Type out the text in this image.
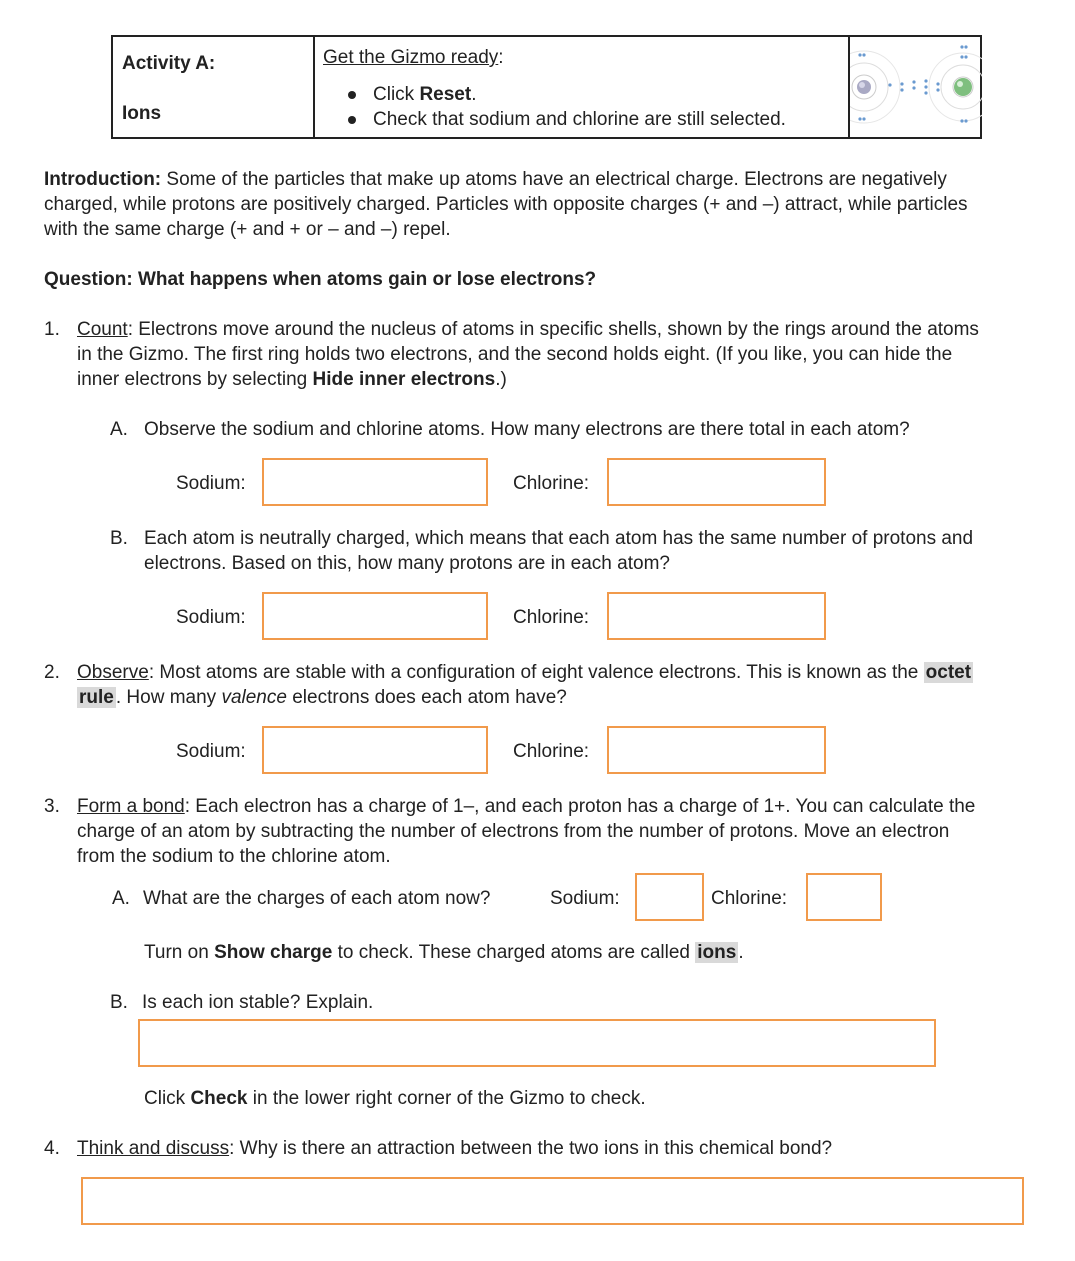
Activity A:
Ions
Get the Gizmo ready:
Click Reset.
Check that sodium and chlorine are still selected.
Introduction: Some of the particles that make up atoms have an electrical charge. Electrons are negatively
charged, while protons are positively charged. Particles with opposite charges (+ and –) attract, while particles
with the same charge (+ and + or – and –) repel.
Question: What happens when atoms gain or lose electrons?
1. Count: Electrons move around the nucleus of atoms in specific shells, shown by the rings around the atoms
in the Gizmo. The first ring holds two electrons, and the second holds eight. (If you like, you can hide the
inner electrons by selecting Hide inner electrons.)
A. Observe the sodium and chlorine atoms. How many electrons are there total in each atom?
Sodium:	Chlorine:
B. Each atom is neutrally charged, which means that each atom has the same number of protons and
electrons. Based on this, how many protons are in each atom?
Sodium:	Chlorine:
2. Observe: Most atoms are stable with a configuration of eight valence electrons. This is known as the octet
rule . How many valence electrons does each atom have?
Sodium:	Chlorine:
3. Form a bond: Each electron has a charge of 1–, and each proton has a charge of 1+. You can calculate the
charge of an atom by subtracting the number of electrons from the number of protons. Move an electron
from the sodium to the chlorine atom.
A. What are the charges of each atom now?	Sodium:	Chlorine:
Turn on Show charge to check. These charged atoms are called ions .
B. Is each ion stable? Explain.
Click Check in the lower right corner of the Gizmo to check.
4. Think and discuss: Why is there an attraction between the two ions in this chemical bond?
